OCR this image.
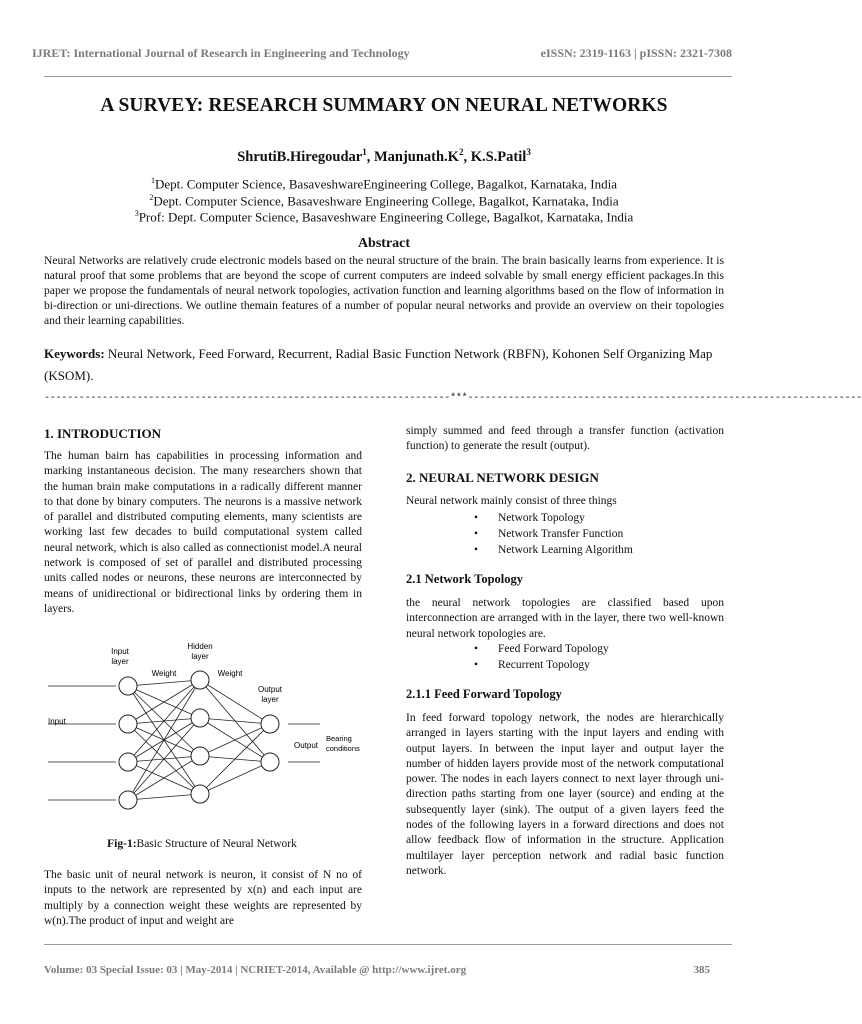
IJRET: International Journal of Research in Engineering and Technology	eISSN: 2319-1163 | pISSN: 2321-7308
A SURVEY: RESEARCH SUMMARY ON NEURAL NETWORKS
ShrutiB.Hiregoudar$^1$, $Manjunath.K^2$, K.S.Patil$^3$
$^1$Dept. Computer Science, BasaveshwareEngineering College, Bagalkot, Karnataka, India
$^2$Dept. Computer Science, Basaveshware Engineering College, Bagalkot, Karnataka, India
$^3$Prof: Dept. Computer Science, Basaveshware Engineering College, Bagalkot, Karnataka, India
Abstract
Neural Networks are relatively crude electronic models based on the neural structure of the brain. The brain basically learns from experience. It is natural proof that some problems that are beyond the scope of current computers are indeed solvable by small energy efficient packages.In this paper we propose the fundamentals of neural network topologies, activation function and learning algorithms based on the flow of information in bi-direction or uni-directions. We outline themain features of a number of popular neural networks and provide an overview on their topologies and their learning capabilities.
Keywords: Neural Network, Feed Forward, Recurrent, Radial Basic Function Network (RBFN), Kohonen Self Organizing Map (KSOM).
----------------------------------------------------------------------***--------------------------------------------------------------------
1. INTRODUCTION
The human bairn has capabilities in processing information and marking instantaneous decision. The many researchers shown that the human brain make computations in a radically different manner to that done by binary computers. The neurons is a massive network of parallel and distributed computing elements, many scientists are working last few decades to build computational system called neural network, which is also called as connectionist model.A neural network is composed of set of parallel and distributed processing units called nodes or neurons, these neurons are interconnected by means of unidirectional or bidirectional links by ordering them in layers.
Input
layer
Hidden
layer
Weight	Weight
Output
layer
Input
Output
Bearing
conditions
Fig-1:Basic Structure of Neural Network
The basic unit of neural network is neuron, it consist of N no of inputs to the network are represented by x(n) and each input are multiply by a connection weight these weights are represented by w(n).The product of input and weight are
simply summed and feed through a transfer function (activation function) to generate the result (output).
2. NEURAL NETWORK DESIGN
Neural network mainly consist of three things
• Network Topology
• Network Transfer Function
• Network Learning Algorithm
2.1 Network Topology
the neural network topologies are classified based upon interconnection are arranged with in the layer, there two well-known neural network topologies are.
• Feed Forward Topology
• Recurrent Topology
2.1.1 Feed Forward Topology
In feed forward topology network, the nodes are hierarchically arranged in layers starting with the input layers and ending with output layers. In between the input layer and output layer the number of hidden layers provide most of the network computational power. The nodes in each layers connect to next layer through uni-direction paths starting from one layer (source) and ending at the subsequently layer (sink). The output of a given layers feed the nodes of the following layers in a forward directions and does not allow feedback flow of information in the structure. Application multilayer layer perception network and radial basic function network.
Volume: 03 Special Issue: 03 | May-2014 | NCRIET-2014, Available @ http://www.ijret.org	385
